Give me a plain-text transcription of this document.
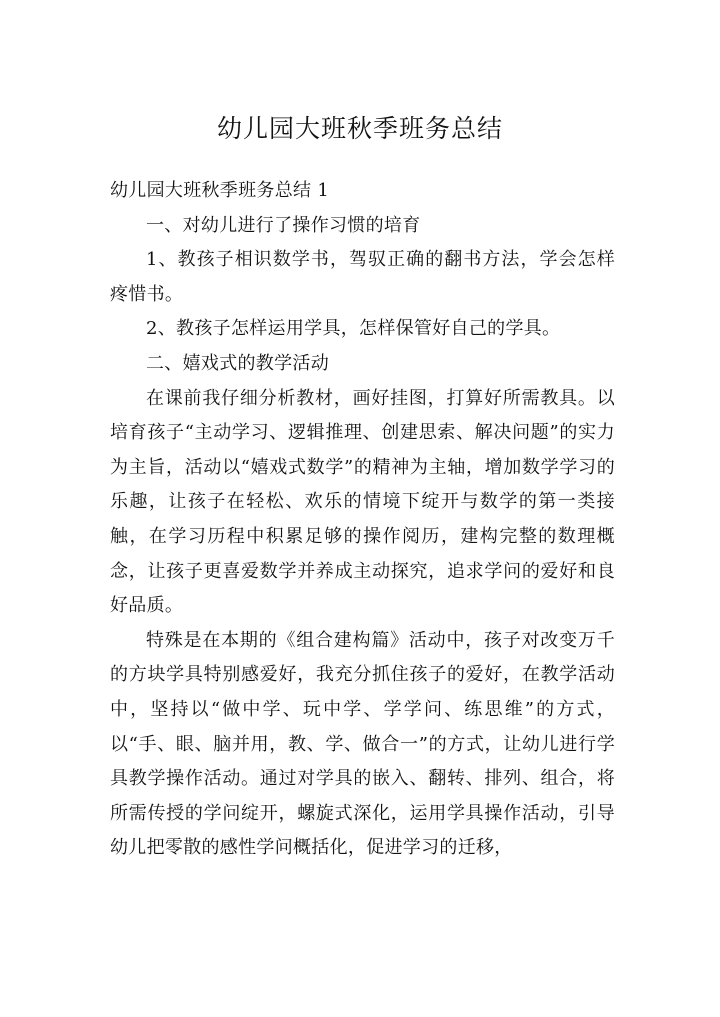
幼儿园大班秋季班务总结

幼儿园大班秋季班务总结 1

一、对幼儿进行了操作习惯的培育

1、教孩子相识数学书，驾驭正确的翻书方法，学会怎样疼惜书。

2、教孩子怎样运用学具，怎样保管好自己的学具。

二、嬉戏式的教学活动

在课前我仔细分析教材，画好挂图，打算好所需教具。以培育孩子“主动学习、逻辑推理、创建思索、解决问题”的实力为主旨，活动以“嬉戏式数学”的精神为主轴，增加数学学习的乐趣，让孩子在轻松、欢乐的情境下绽开与数学的第一类接触，在学习历程中积累足够的操作阅历，建构完整的数理概念，让孩子更喜爱数学并养成主动探究，追求学问的爱好和良好品质。

特殊是在本期的《组合建构篇》活动中，孩子对改变万千的方块学具特别感爱好，我充分抓住孩子的爱好，在教学活动中，坚持以“做中学、玩中学、学学问、练思维”的方式，以“手、眼、脑并用，教、学、做合一”的方式，让幼儿进行学具教学操作活动。通过对学具的嵌入、翻转、排列、组合，将所需传授的学问绽开，螺旋式深化，运用学具操作活动，引导幼儿把零散的感性学问概括化，促进学习的迁移，
